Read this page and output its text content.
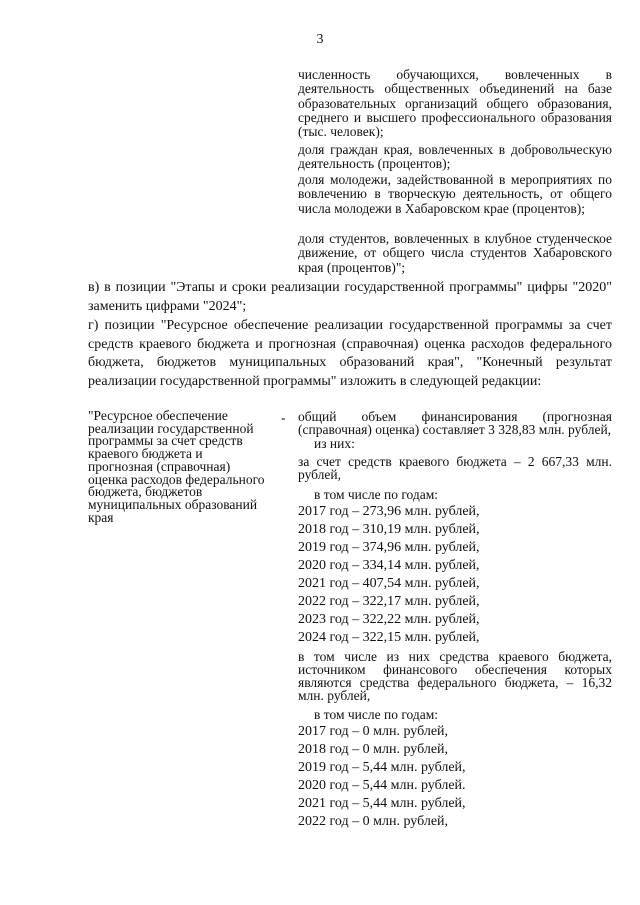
3
численность обучающихся, вовлеченных в деятельность общественных объединений на базе образовательных организаций общего образования, среднего и высшего профессионального образования (тыс. человек);
доля граждан края, вовлеченных в добровольческую деятельность (процентов);
доля молодежи, задействованной в мероприятиях по вовлечению в творческую деятельность, от общего числа молодежи в Хабаровском крае (процентов);
доля студентов, вовлеченных в клубное студенческое движение, от общего числа студентов Хабаровского края (процентов)";
в) в позиции "Этапы и сроки реализации государственной программы" цифры "2020" заменить цифрами "2024";
г) позиции "Ресурсное обеспечение реализации государственной программы за счет средств краевого бюджета и прогнозная (справочная) оценка расходов федерального бюджета, бюджетов муниципальных образований края", "Конечный результат реализации государственной программы" изложить в следующей редакции:
"Ресурсное обеспечение реализации государственной программы за счет средств краевого бюджета и прогнозная (справочная) оценка расходов федерального бюджета, бюджетов муниципальных образований края
- общий объем финансирования (прогнозная (справочная) оценка) составляет 3 328,83 млн. рублей,
из них:
за счет средств краевого бюджета – 2 667,33 млн. рублей,
в том числе по годам:
2017 год – 273,96 млн. рублей,
2018 год – 310,19 млн. рублей,
2019 год – 374,96 млн. рублей,
2020 год – 334,14 млн. рублей,
2021 год – 407,54 млн. рублей,
2022 год – 322,17 млн. рублей,
2023 год – 322,22 млн. рублей,
2024 год – 322,15 млн. рублей,
в том числе из них средства краевого бюджета, источником финансового обеспечения которых являются средства федерального бюджета, – 16,32 млн. рублей,
в том числе по годам:
2017 год – 0 млн. рублей,
2018 год – 0 млн. рублей,
2019 год – 5,44 млн. рублей,
2020 год – 5,44 млн. рублей.
2021 год – 5,44 млн. рублей,
2022 год – 0 млн. рублей,
